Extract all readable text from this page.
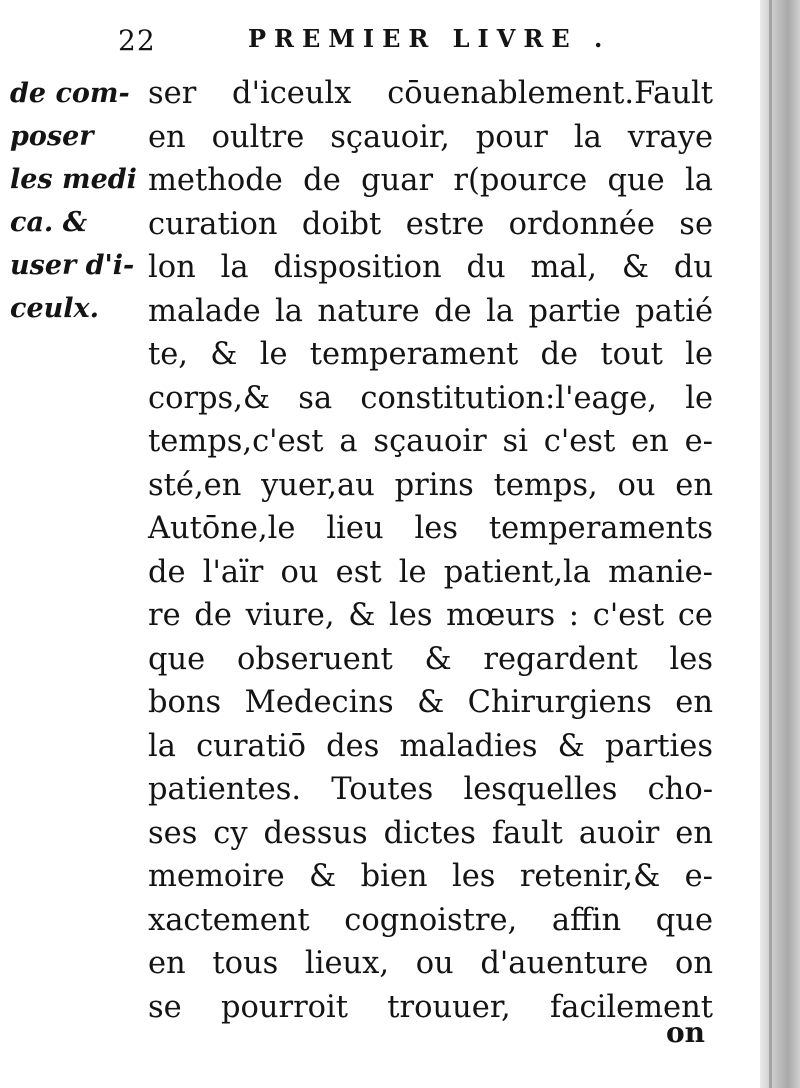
22	PREMIER LIVRE .
de com-
poser
les medi
ca. &
user d'i-
ceulx.
ser d'iceulx cōuenablement.Fault
en oultre sçauoir, pour la vraye
methode de guar r(pource que la
curation doibt estre ordonnée se
lon la disposition du mal, & du
malade la nature de la partie patié
te, & le temperament de tout le
corps,& sa constitution:l'eage, le
temps,c'est a sçauoir si c'est en e-
sté,en yuer,au prins temps, ou en
Autōne,le lieu les temperaments
de l'aïr ou est le patient,la manie-
re de viure, & les mœurs : c'est ce
que obseruent & regardent les
bons Medecins & Chirurgiens en
la curatiō des maladies & parties
patientes. Toutes lesquelles cho-
ses cy dessus dictes fault auoir en
memoire & bien les retenir,& e-
xactement cognoistre, affin que
en tous lieux, ou d'auenture on
se pourroit trouuer, facilement
on
